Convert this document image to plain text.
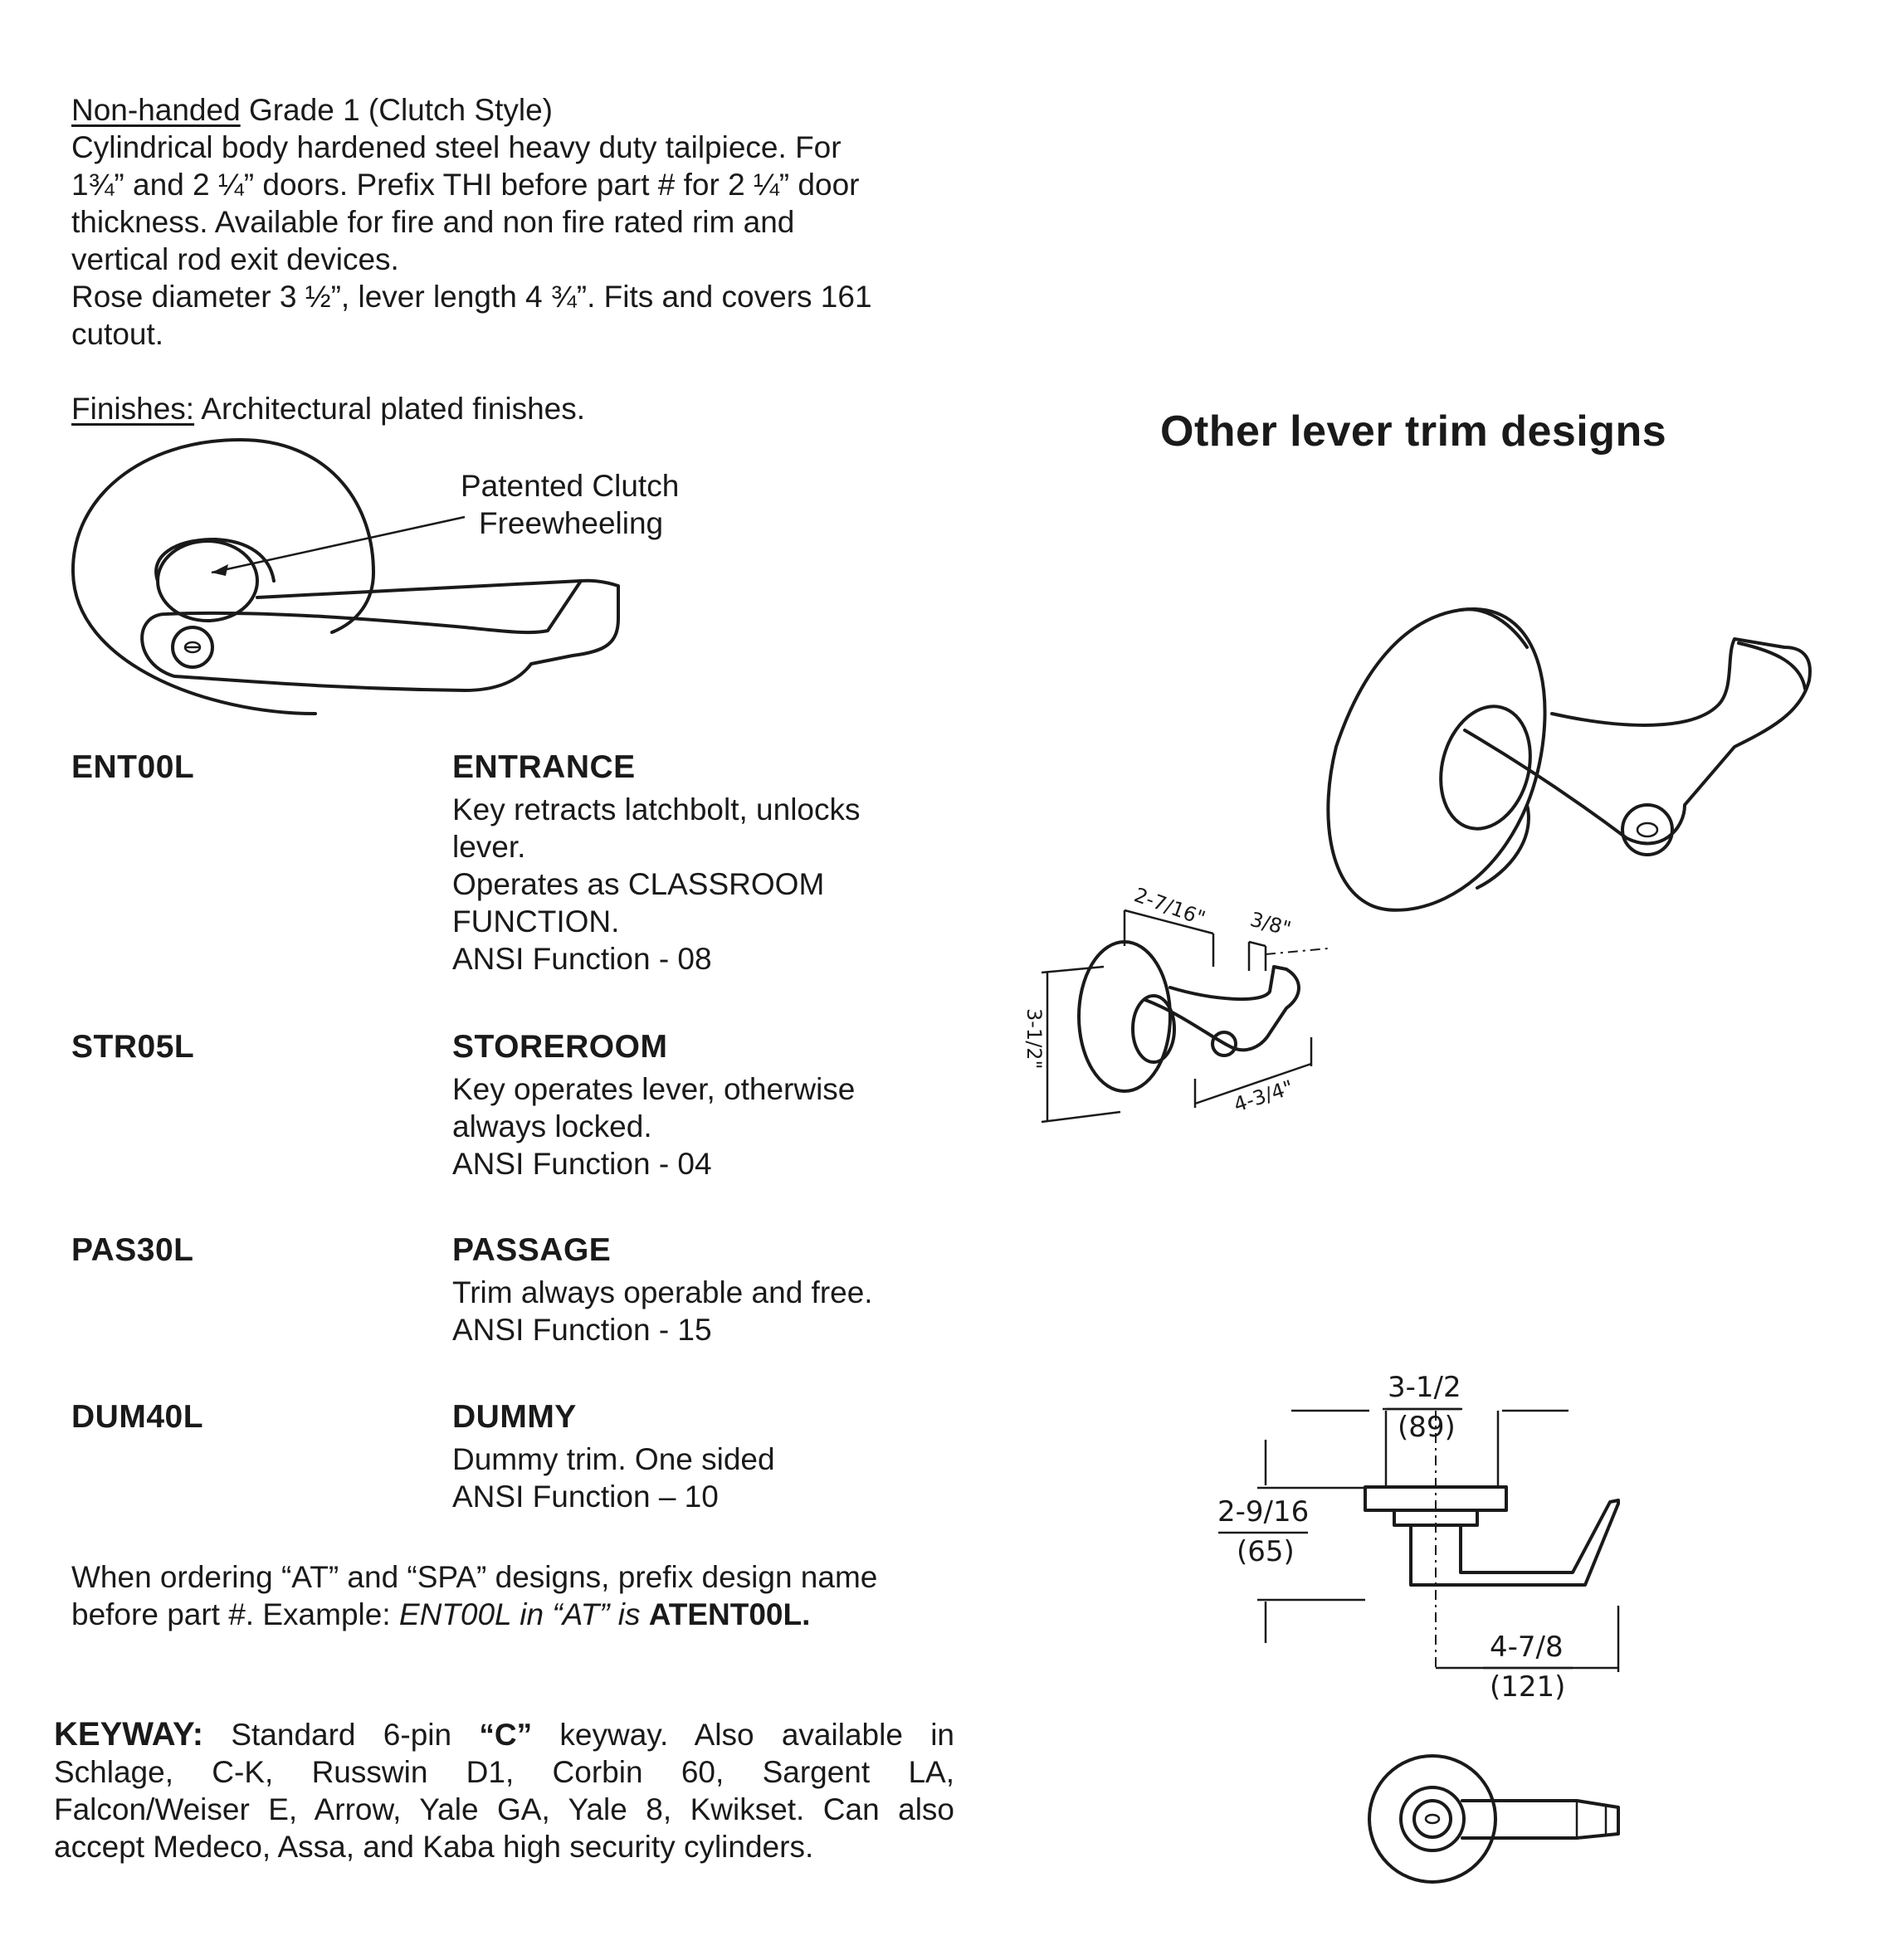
Non-handed Grade 1 (Clutch Style)
Cylindrical body hardened steel heavy duty tailpiece. For
1¾” and 2 ¼” doors. Prefix THI before part # for 2 ¼” door
thickness. Available for fire and non fire rated rim and
vertical rod exit devices.
Rose diameter 3 ½”, lever length 4 ¾”. Fits and covers 161
cutout.
Finishes: Architectural plated finishes.
Patented Clutch
Freewheeling
2-7/16" 3/8"
3-1/2"
4-3/4"
ENT00L	ENTRANCE
Key retracts latchbolt, unlocks
lever.
Operates as CLASSROOM
FUNCTION.
ANSI Function - 08
STR05L	STOREROOM
Key operates lever, otherwise
always locked.
ANSI Function - 04
PAS30L	PASSAGE
Trim always operable and free.
ANSI Function - 15
DUM40L	DUMMY
Dummy trim. One sided
ANSI Function – 10
When ordering “AT” and “SPA” designs, prefix design name
before part #. Example: ENT00L in “AT” is ATENT00L.
KEYWAY: Standard 6-pin “C” keyway. Also available in
Schlage, C-K, Russwin D1, Corbin 60, Sargent LA,
Falcon/Weiser E, Arrow, Yale GA, Yale 8, Kwikset. Can also
accept Medeco, Assa, and Kaba high security cylinders.
Other lever trim designs
3-1/2
(89)
2-9/16
(65)
4-7/8
(121)
